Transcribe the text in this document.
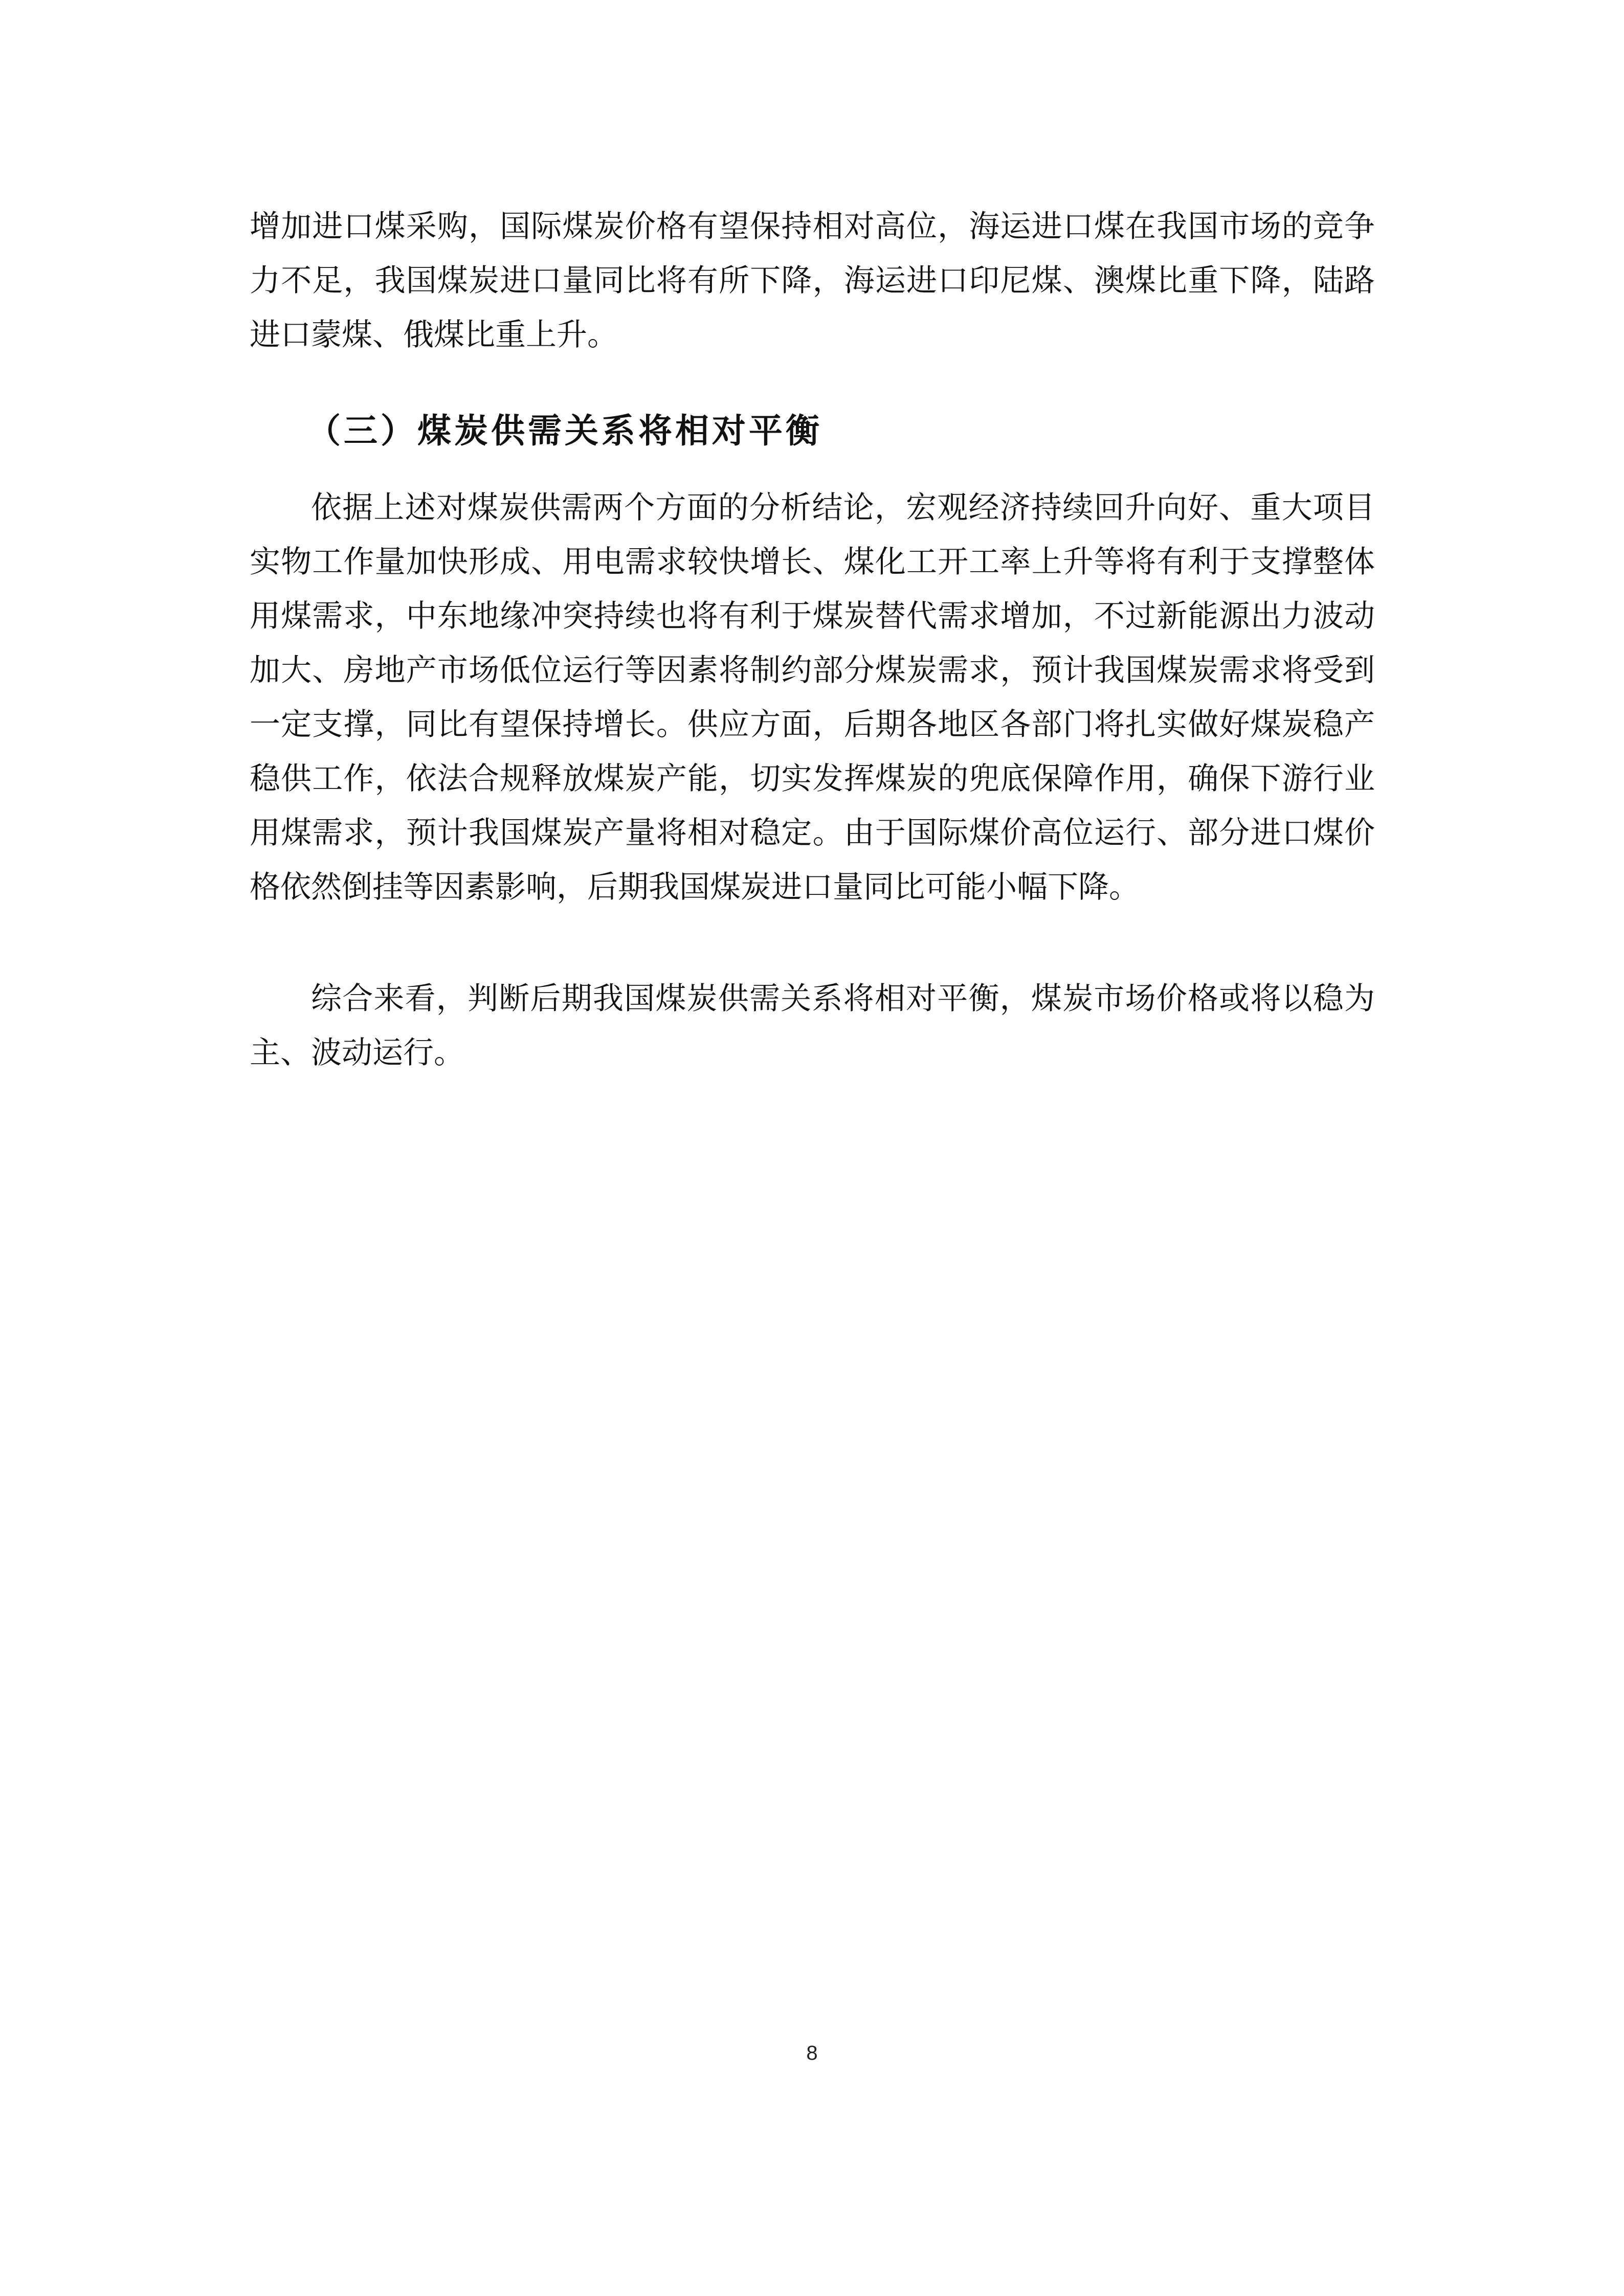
增加进口煤采购，国际煤炭价格有望保持相对高位，海运进口煤在我国市场的竞争力不足，我国煤炭进口量同比将有所下降，海运进口印尼煤、澳煤比重下降，陆路进口蒙煤、俄煤比重上升。

（三）煤炭供需关系将相对平衡

依据上述对煤炭供需两个方面的分析结论，宏观经济持续回升向好、重大项目实物工作量加快形成、用电需求较快增长、煤化工开工率上升等将有利于支撑整体用煤需求，中东地缘冲突持续也将有利于煤炭替代需求增加，不过新能源出力波动加大、房地产市场低位运行等因素将制约部分煤炭需求，预计我国煤炭需求将受到一定支撑，同比有望保持增长。供应方面，后期各地区各部门将扎实做好煤炭稳产稳供工作，依法合规释放煤炭产能，切实发挥煤炭的兜底保障作用，确保下游行业用煤需求，预计我国煤炭产量将相对稳定。由于国际煤价高位运行、部分进口煤价格依然倒挂等因素影响，后期我国煤炭进口量同比可能小幅下降。

综合来看，判断后期我国煤炭供需关系将相对平衡，煤炭市场价格或将以稳为主、波动运行。

8
